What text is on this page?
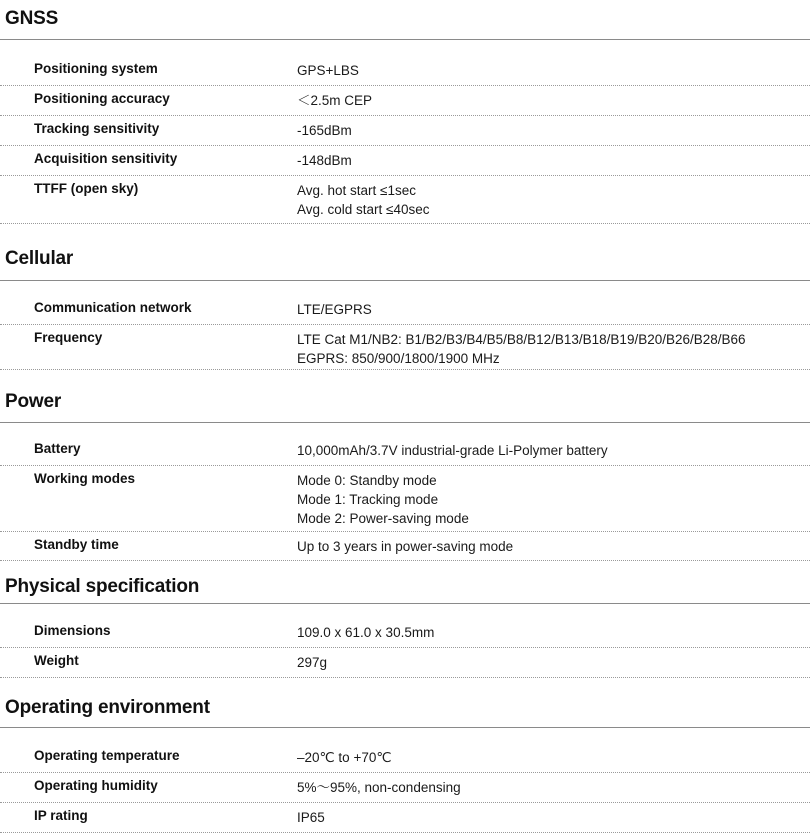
GNSS
Positioning system	GPS+LBS
Positioning accuracy	＜2.5m CEP
Tracking sensitivity	-165dBm
Acquisition sensitivity	-148dBm
TTFF (open sky)	Avg. hot start ≤1sec
Avg. cold start ≤40sec
Cellular
Communication network	LTE/EGPRS
Frequency	LTE Cat M1/NB2: B1/B2/B3/B4/B5/B8/B12/B13/B18/B19/B20/B26/B28/B66
EGPRS: 850/900/1800/1900 MHz
Power
Battery	10,000mAh/3.7V industrial-grade Li-Polymer battery
Working modes	Mode 0: Standby mode
Mode 1: Tracking mode
Mode 2: Power-saving mode
Standby time	Up to 3 years in power-saving mode
Physical specification
Dimensions	109.0 x 61.0 x 30.5mm
Weight	297g
Operating environment
Operating temperature	–20℃ to +70℃
Operating humidity	5%～95%, non-condensing
IP rating	IP65
